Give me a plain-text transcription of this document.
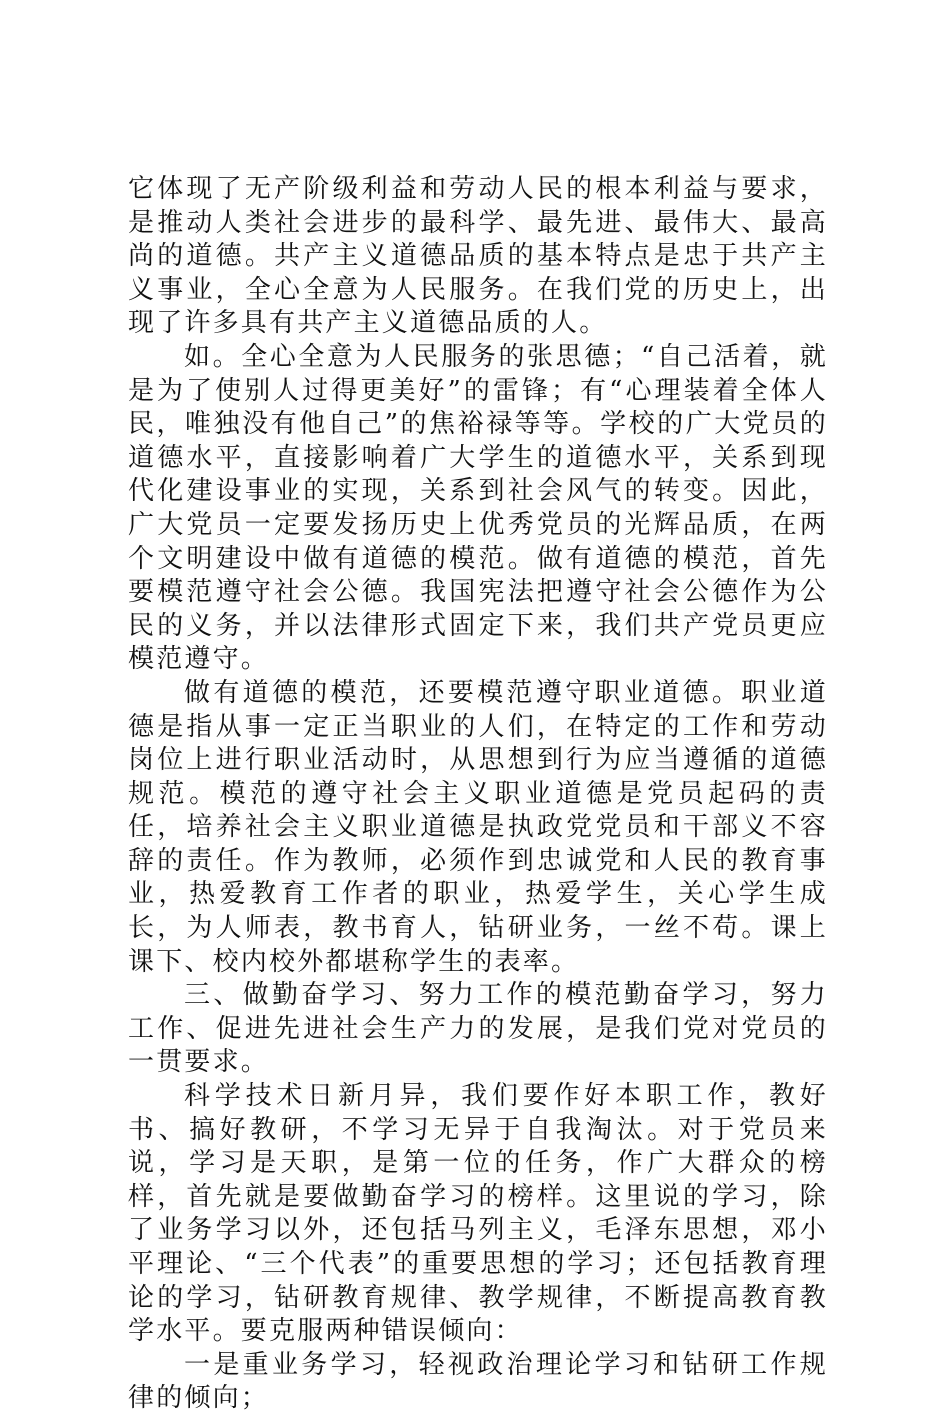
它体现了无产阶级利益和劳动人民的根本利益与要求，是推动人类社会进步的最科学、最先进、最伟大、最高尚的道德。共产主义道德品质的基本特点是忠于共产主义事业，全心全意为人民服务。在我们党的历史上，出现了许多具有共产主义道德品质的人。

如。全心全意为人民服务的张思德；“自己活着，就是为了使别人过得更美好”的雷锋；有“心理装着全体人民，唯独没有他自己”的焦裕禄等等。学校的广大党员的道德水平，直接影响着广大学生的道德水平，关系到现代化建设事业的实现，关系到社会风气的转变。因此，广大党员一定要发扬历史上优秀党员的光辉品质，在两个文明建设中做有道德的模范。做有道德的模范，首先要模范遵守社会公德。我国宪法把遵守社会公德作为公民的义务，并以法律形式固定下来，我们共产党员更应模范遵守。

做有道德的模范，还要模范遵守职业道德。职业道德是指从事一定正当职业的人们，在特定的工作和劳动岗位上进行职业活动时，从思想到行为应当遵循的道德规范。模范的遵守社会主义职业道德是党员起码的责任，培养社会主义职业道德是执政党党员和干部义不容辞的责任。作为教师，必须作到忠诚党和人民的教育事业，热爱教育工作者的职业，热爱学生，关心学生成长，为人师表，教书育人，钻研业务，一丝不苟。课上课下、校内校外都堪称学生的表率。

三、做勤奋学习、努力工作的模范勤奋学习，努力工作、促进先进社会生产力的发展，是我们党对党员的一贯要求。

科学技术日新月异，我们要作好本职工作，教好书、搞好教研，不学习无异于自我淘汰。对于党员来说，学习是天职，是第一位的任务，作广大群众的榜样，首先就是要做勤奋学习的榜样。这里说的学习，除了业务学习以外，还包括马列主义，毛泽东思想，邓小平理论、“三个代表”的重要思想的学习；还包括教育理论的学习，钻研教育规律、教学规律，不断提高教育教学水平。要克服两种错误倾向：

一是重业务学习，轻视政治理论学习和钻研工作规律的倾向；
